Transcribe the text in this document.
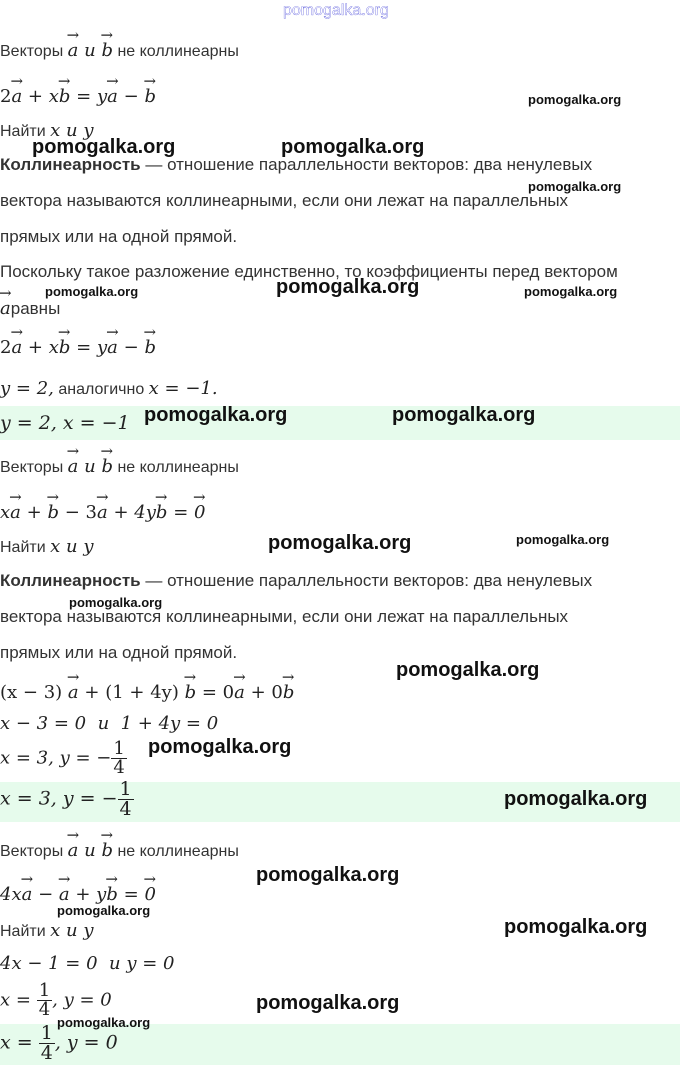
Векторы → a и → b не коллинеарны
2→ a + x→ b = y→ a − → b
Найти x и y
Коллинеарность — отношение параллельности векторов: два ненулевых
вектора называются коллинеарными, если они лежат на параллельных
прямых или на одной прямой.
Поскольку такое разложение единственно, то коэффициенты перед вектором
→ aравны
2→ a + x→ b = y→ a − → b
y = 2, аналогично x = −1.
y = 2, x = −1
Векторы → a и → b не коллинеарны
x→ a + → b − 3→ a + 4y→ b = → 0
Найти x и y
Коллинеарность — отношение параллельности векторов: два ненулевых
вектора называются коллинеарными, если они лежат на параллельных
прямых или на одной прямой.
(x − 3) → a + (1 + 4y) → b = 0→ a + 0→ b
x − 3 = 0 и 1 + 4y = 0
x = 3, y = − $\frac{1}{4}$
x = 3, y = − $\frac{1}{4}$
Векторы → a и → b не коллинеарны
4x→ a − → a + y→ b = → 0
Найти x и y
4x − 1 = 0 и y = 0
$x = \frac{1}{4}$ , y = 0
$x = \frac{1}{4}$ , y = 0
pomogalka.org
pomogalka.org
pomogalka.org	pomogalka.org
pomogalka.org
pomogalka.org	pomogalka.org	pomogalka.org
pomogalka.org	pomogalka.org
pomogalka.org	pomogalka.org
pomogalka.org
pomogalka.org
pomogalka.org
pomogalka.org
pomogalka.org
pomogalka.org
pomogalka.org
pomogalka.org
pomogalka.org
